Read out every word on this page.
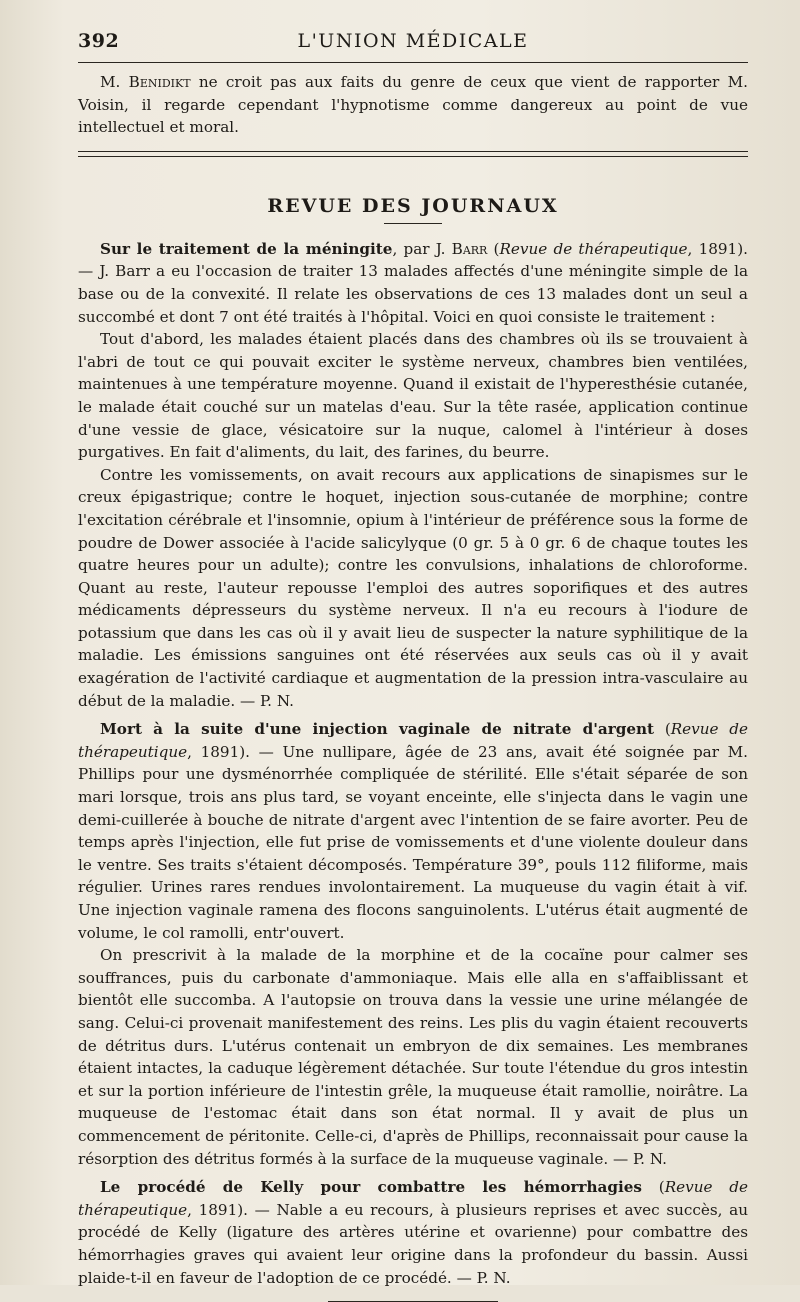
392	L'UNION MÉDICALE

M. Benidikt ne croit pas aux faits du genre de ceux que vient de rapporter M. Voisin, il regarde cependant l'hypnotisme comme dangereux au point de vue intellectuel et moral.

REVUE DES JOURNAUX

Sur le traitement de la méningite, par J. Barr (Revue de thérapeutique, 1891). — J. Barr a eu l'occasion de traiter 13 malades affectés d'une méningite simple de la base ou de la convexité. Il relate les observations de ces 13 malades dont un seul a succombé et dont 7 ont été traités à l'hôpital. Voici en quoi consiste le traitement :

Tout d'abord, les malades étaient placés dans des chambres où ils se trouvaient à l'abri de tout ce qui pouvait exciter le système nerveux, chambres bien ventilées, maintenues à une température moyenne. Quand il existait de l'hyperesthésie cutanée, le malade était couché sur un matelas d'eau. Sur la tête rasée, application continue d'une vessie de glace, vésicatoire sur la nuque, calomel à l'intérieur à doses purgatives. En fait d'aliments, du lait, des farines, du beurre.

Contre les vomissements, on avait recours aux applications de sinapismes sur le creux épigastrique; contre le hoquet, injection sous-cutanée de morphine; contre l'excitation cérébrale et l'insomnie, opium à l'intérieur de préférence sous la forme de poudre de Dower associée à l'acide salicylyque (0 gr. 5 à 0 gr. 6 de chaque toutes les quatre heures pour un adulte); contre les convulsions, inhalations de chloroforme. Quant au reste, l'auteur repousse l'emploi des autres soporifiques et des autres médicaments dépresseurs du système nerveux. Il n'a eu recours à l'iodure de potassium que dans les cas où il y avait lieu de suspecter la nature syphilitique de la maladie. Les émissions sanguines ont été réservées aux seuls cas où il y avait exagération de l'activité cardiaque et augmentation de la pression intra-vasculaire au début de la maladie. — P. N.

Mort à la suite d'une injection vaginale de nitrate d'argent (Revue de thérapeutique, 1891). — Une nullipare, âgée de 23 ans, avait été soignée par M. Phillips pour une dysménorrhée compliquée de stérilité. Elle s'était séparée de son mari lorsque, trois ans plus tard, se voyant enceinte, elle s'injecta dans le vagin une demi-cuillerée à bouche de nitrate d'argent avec l'intention de se faire avorter. Peu de temps après l'injection, elle fut prise de vomissements et d'une violente douleur dans le ventre. Ses traits s'étaient décomposés. Température 39°, pouls 112 filiforme, mais régulier. Urines rares rendues involontairement. La muqueuse du vagin était à vif. Une injection vaginale ramena des flocons sanguinolents. L'utérus était augmenté de volume, le col ramolli, entr'ouvert.

On prescrivit à la malade de la morphine et de la cocaïne pour calmer ses souffrances, puis du carbonate d'ammoniaque. Mais elle alla en s'affaiblissant et bientôt elle succomba. A l'autopsie on trouva dans la vessie une urine mélangée de sang. Celui-ci provenait manifestement des reins. Les plis du vagin étaient recouverts de détritus durs. L'utérus contenait un embryon de dix semaines. Les membranes étaient intactes, la caduque légèrement détachée. Sur toute l'étendue du gros intestin et sur la portion inférieure de l'intestin grêle, la muqueuse était ramollie, noirâtre. La muqueuse de l'estomac était dans son état normal. Il y avait de plus un commencement de péritonite. Celle-ci, d'après de Phillips, reconnaissait pour cause la résorption des détritus formés à la surface de la muqueuse vaginale. — P. N.

Le procédé de Kelly pour combattre les hémorrhagies (Revue de thérapeutique, 1891). — Nable a eu recours, à plusieurs reprises et avec succès, au procédé de Kelly (ligature des artères utérine et ovarienne) pour combattre des hémorrhagies graves qui avaient leur origine dans la profondeur du bassin. Aussi plaide-t-il en faveur de l'adoption de ce procédé. — P. N.
